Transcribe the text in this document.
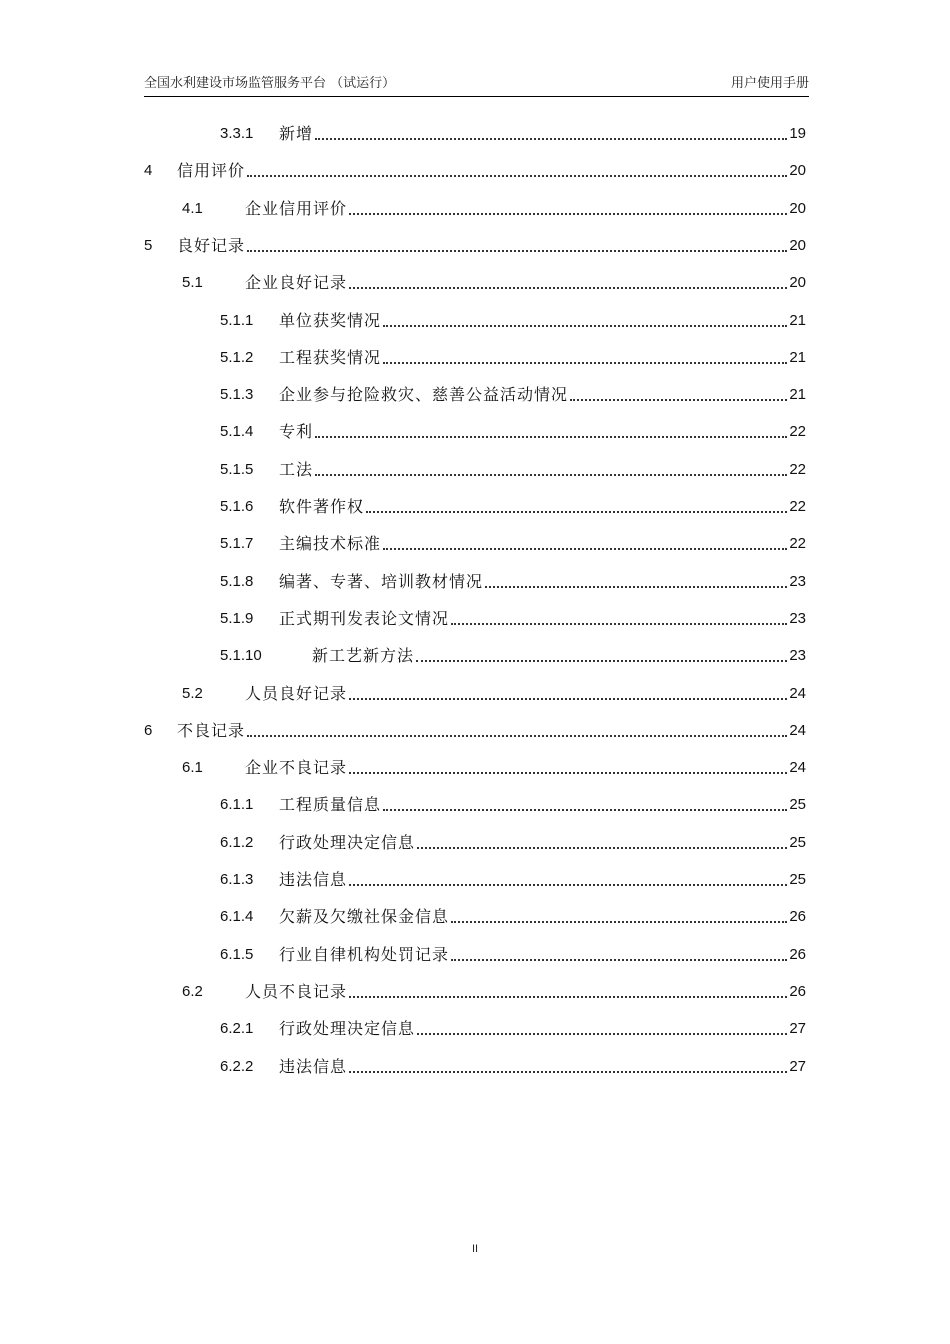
全国水利建设市场监管服务平台 （试运行）	用户使用手册
3.3.1	新增	19
4	信用评价	20
4.1	企业信用评价	20
5	良好记录	20
5.1	企业良好记录	20
5.1.1	单位获奖情况	21
5.1.2	工程获奖情况	21
5.1.3	企业参与抢险救灾、慈善公益活动情况	21
5.1.4	专利	22
5.1.5	工法	22
5.1.6	软件著作权	22
5.1.7	主编技术标准	22
5.1.8	编著、专著、培训教材情况	23
5.1.9	正式期刊发表论文情况	23
5.1.10	新工艺新方法	23
5.2	人员良好记录	24
6	不良记录	24
6.1	企业不良记录	24
6.1.1	工程质量信息	25
6.1.2	行政处理决定信息	25
6.1.3	违法信息	25
6.1.4	欠薪及欠缴社保金信息	26
6.1.5	行业自律机构处罚记录	26
6.2	人员不良记录	26
6.2.1	行政处理决定信息	27
6.2.2	违法信息	27
II
